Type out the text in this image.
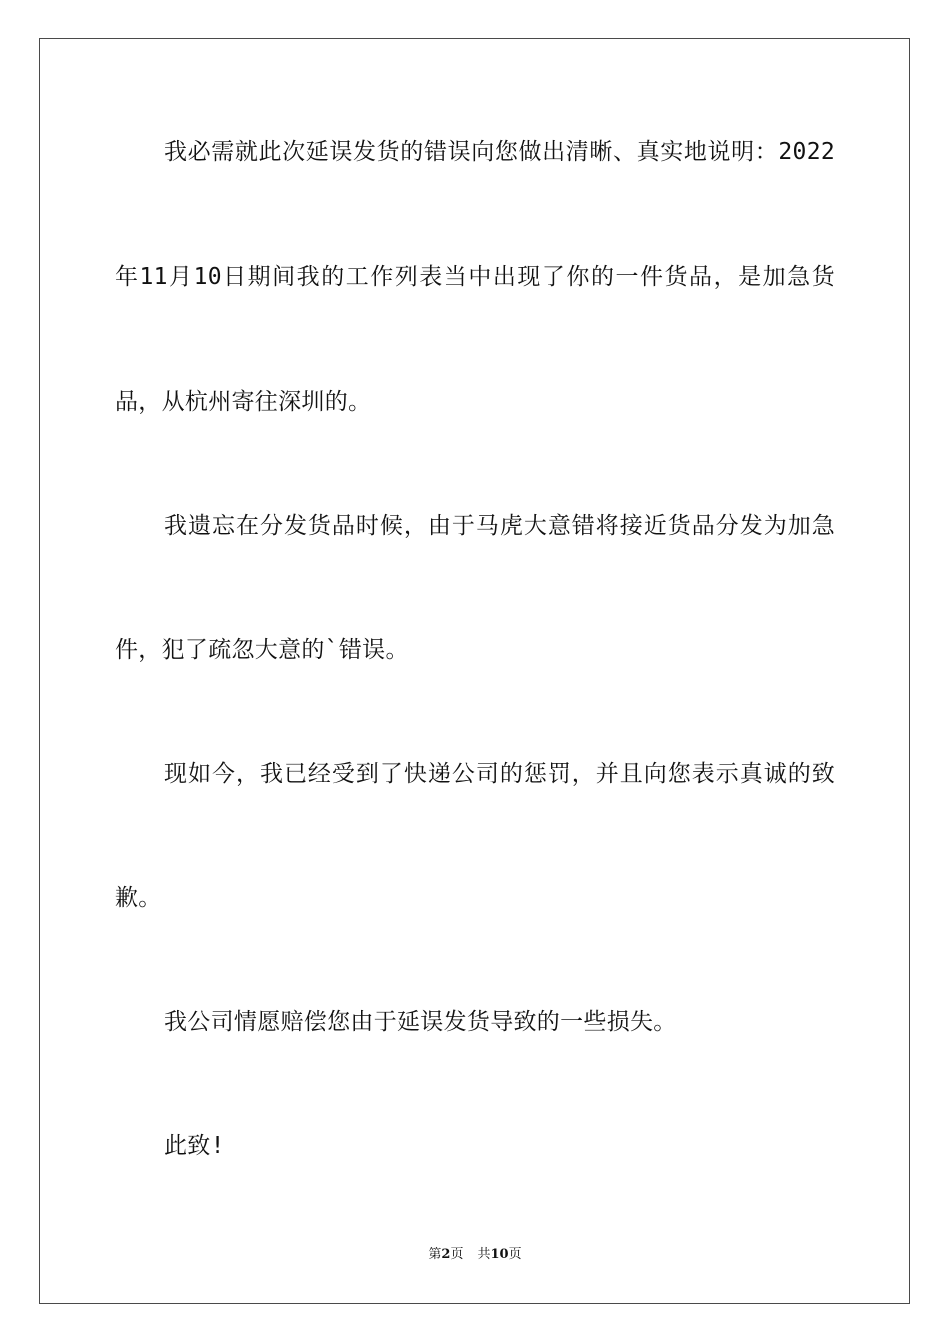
我必需就此次延误发货的错误向您做出清晰、真实地说明：2022

年11月10日期间我的工作列表当中出现了你的一件货品，是加急货

品，从杭州寄往深圳的。

我遗忘在分发货品时候，由于马虎大意错将接近货品分发为加急

件，犯了疏忽大意的`错误。

现如今，我已经受到了快递公司的惩罚，并且向您表示真诚的致

歉。

我公司情愿赔偿您由于延误发货导致的一些损失。

此致!

第2页 共10页
